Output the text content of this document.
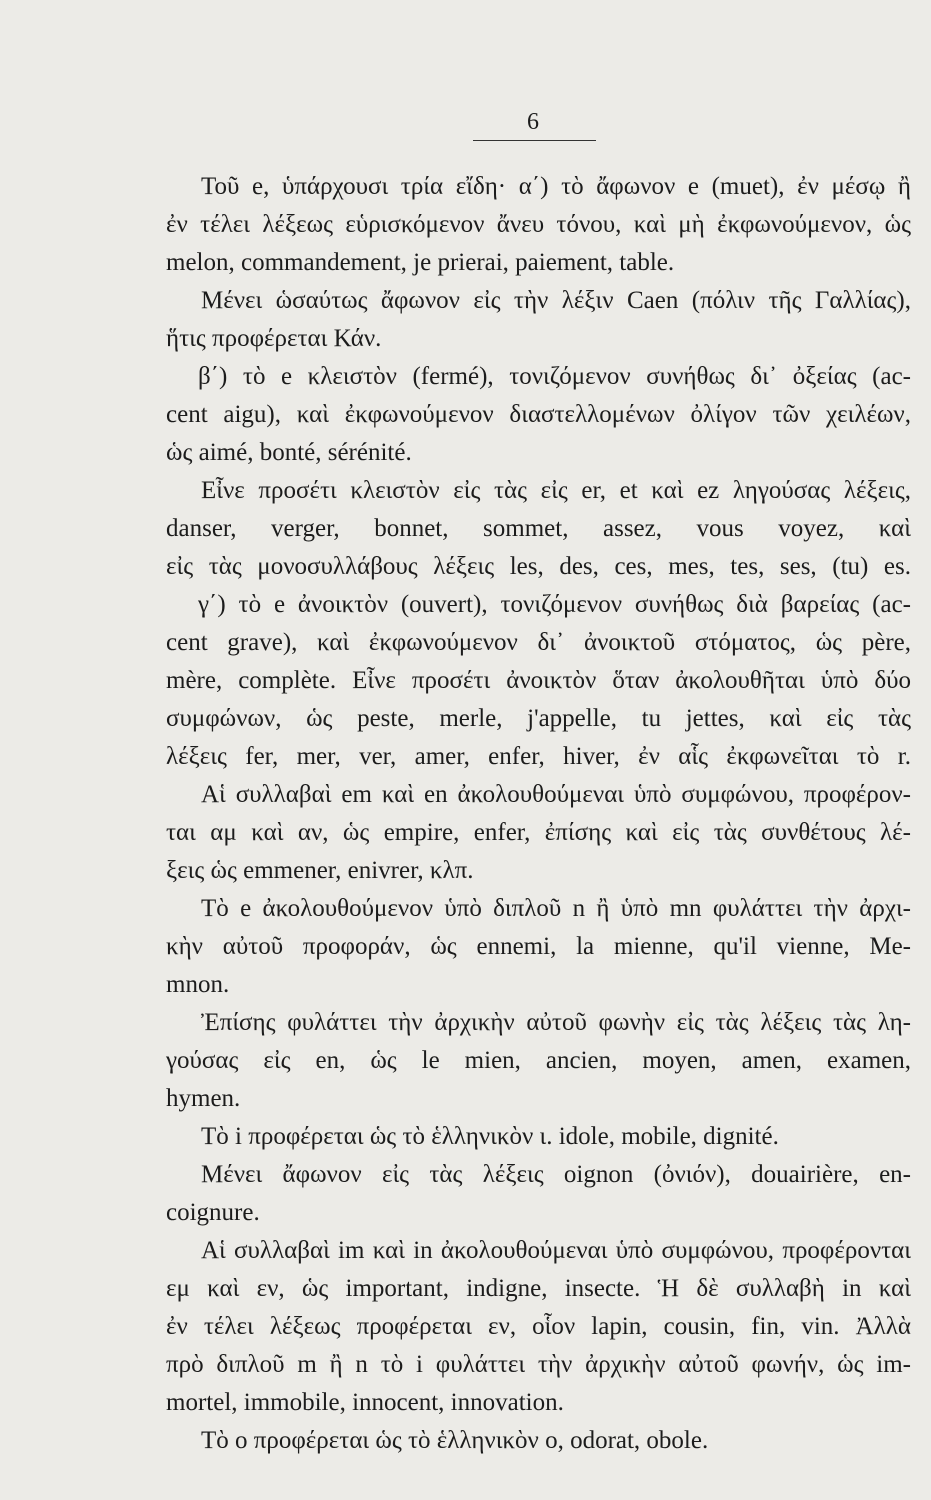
6
Τοῦ e, ὑπάρχουσι τρία εἴδη· α΄) τὸ ἄφωνον e (muet), ἐν μέσῳ ἢ
ἐν τέλει λέξεως εὑρισκόμενον ἄνευ τόνου, καὶ μὴ ἐκφωνούμενον, ὡς
melon, commandement, je prierai, paiement, table.
Μένει ὡσαύτως ἄφωνον εἰς τὴν λέξιν Caen (πόλιν τῆς Γαλλίας),
ἥτις προφέρεται Κάν.
β΄) τὸ e κλειστὸν (fermé), τονιζόμενον συνήθως δι᾽ ὀξείας (ac-
cent aigu), καὶ ἐκφωνούμενον διαστελλομένων ὀλίγον τῶν χειλέων,
ὡς aimé, bonté, sérénité.
Εἶνε προσέτι κλειστὸν εἰς τὰς εἰς er, et καὶ ez ληγούσας λέξεις,
danser, verger, bonnet, sommet, assez, vous voyez, καὶ
εἰς τὰς μονοσυλλάβους λέξεις les, des, ces, mes, tes, ses, (tu) es.
γ΄) τὸ e ἀνοικτὸν (ouvert), τονιζόμενον συνήθως διὰ βαρείας (ac-
cent grave), καὶ ἐκφωνούμενον δι᾽ ἀνοικτοῦ στόματος, ὡς père,
mère, complète. Εἶνε προσέτι ἀνοικτὸν ὅταν ἀκολουθῆται ὑπὸ δύο
συμφώνων, ὡς peste, merle, j'appelle, tu jettes, καὶ εἰς τὰς
λέξεις fer, mer, ver, amer, enfer, hiver, ἐν αἷς ἐκφωνεῖται τὸ r.
Αἱ συλλαβαὶ em καὶ en ἀκολουθούμεναι ὑπὸ συμφώνου, προφέρον-
ται αμ καὶ αν, ὡς empire, enfer, ἐπίσης καὶ εἰς τὰς συνθέτους λέ-
ξεις ὡς emmener, enivrer, κλπ.
Τὸ e ἀκολουθούμενον ὑπὸ διπλοῦ n ἢ ὑπὸ mn φυλάττει τὴν ἀρχι-
κὴν αὐτοῦ προφοράν, ὡς ennemi, la mienne, qu'il vienne, Me-
mnon.
Ἐπίσης φυλάττει τὴν ἀρχικὴν αὐτοῦ φωνὴν εἰς τὰς λέξεις τὰς λη-
γούσας εἰς en, ὡς le mien, ancien, moyen, amen, examen,
hymen.
Τὸ i προφέρεται ὡς τὸ ἑλληνικὸν ι. idole, mobile, dignité.
Μένει ἄφωνον εἰς τὰς λέξεις oignon (ὀνιόν), douairière, en-
coignure.
Αἱ συλλαβαὶ im καὶ in ἀκολουθούμεναι ὑπὸ συμφώνου, προφέρονται
εμ καὶ εν, ὡς important, indigne, insecte. Ἡ δὲ συλλαβὴ in καὶ
ἐν τέλει λέξεως προφέρεται εν, οἷον lapin, cousin, fin, vin. Ἀλλὰ
πρὸ διπλοῦ m ἢ n τὸ i φυλάττει τὴν ἀρχικὴν αὐτοῦ φωνήν, ὡς im-
mortel, immobile, innocent, innovation.
Τὸ o προφέρεται ὡς τὸ ἑλληνικὸν ο, odorat, obole.
